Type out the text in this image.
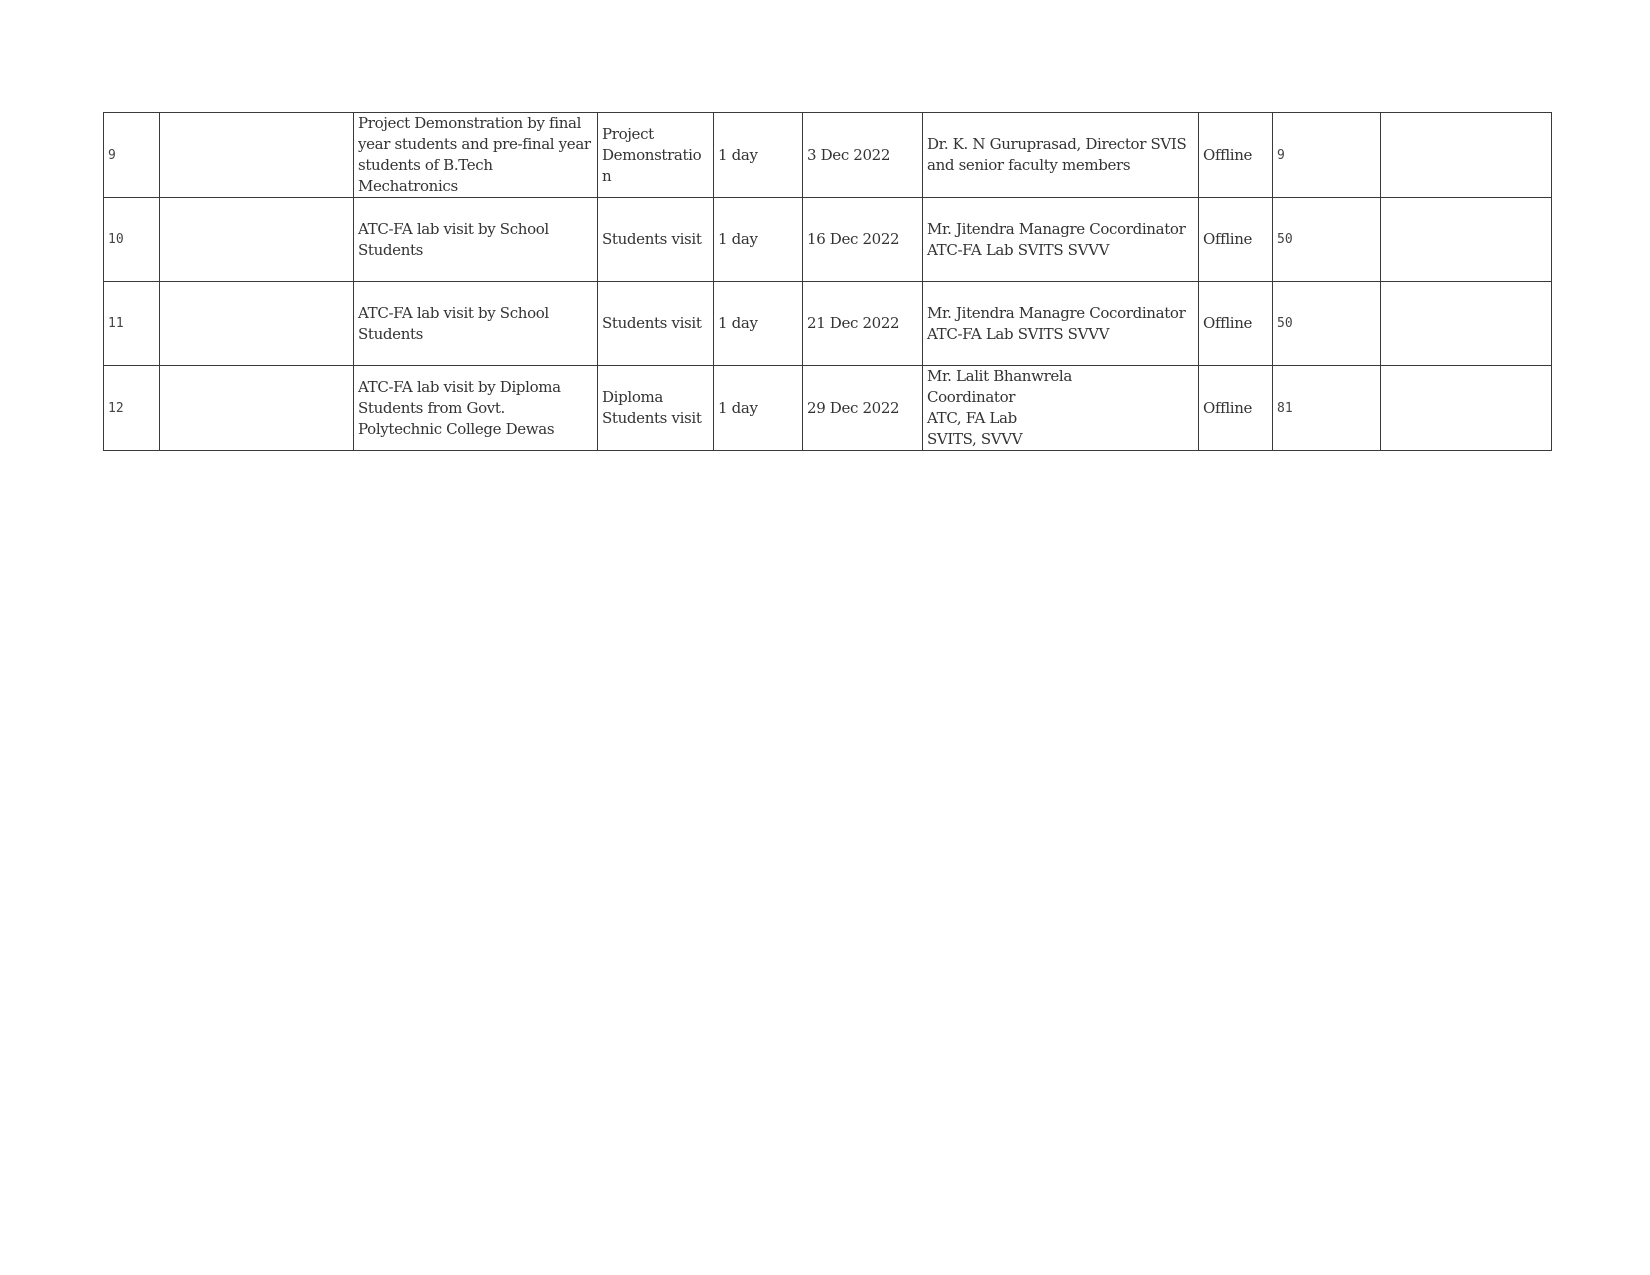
9		Project Demonstration by final year students and pre-final year students of B.Tech Mechatronics	Project Demonstratio n	1 day	3 Dec 2022	Dr. K. N Guruprasad, Director SVIS and senior faculty members	Offline	9	
10		ATC-FA lab visit by School Students	Students visit	1 day	16 Dec 2022	Mr. Jitendra Managre Cocordinator ATC-FA Lab SVITS SVVV	Offline	50	
11		ATC-FA lab visit by School Students	Students visit	1 day	21 Dec 2022	Mr. Jitendra Managre Cocordinator ATC-FA Lab SVITS SVVV	Offline	50	
12		ATC-FA lab visit by Diploma Students from Govt. Polytechnic College Dewas	Diploma Students visit	1 day	29 Dec 2022	Mr. Lalit Bhanwrela
Coordinator
ATC, FA Lab
SVITS, SVVV	Offline	81	
